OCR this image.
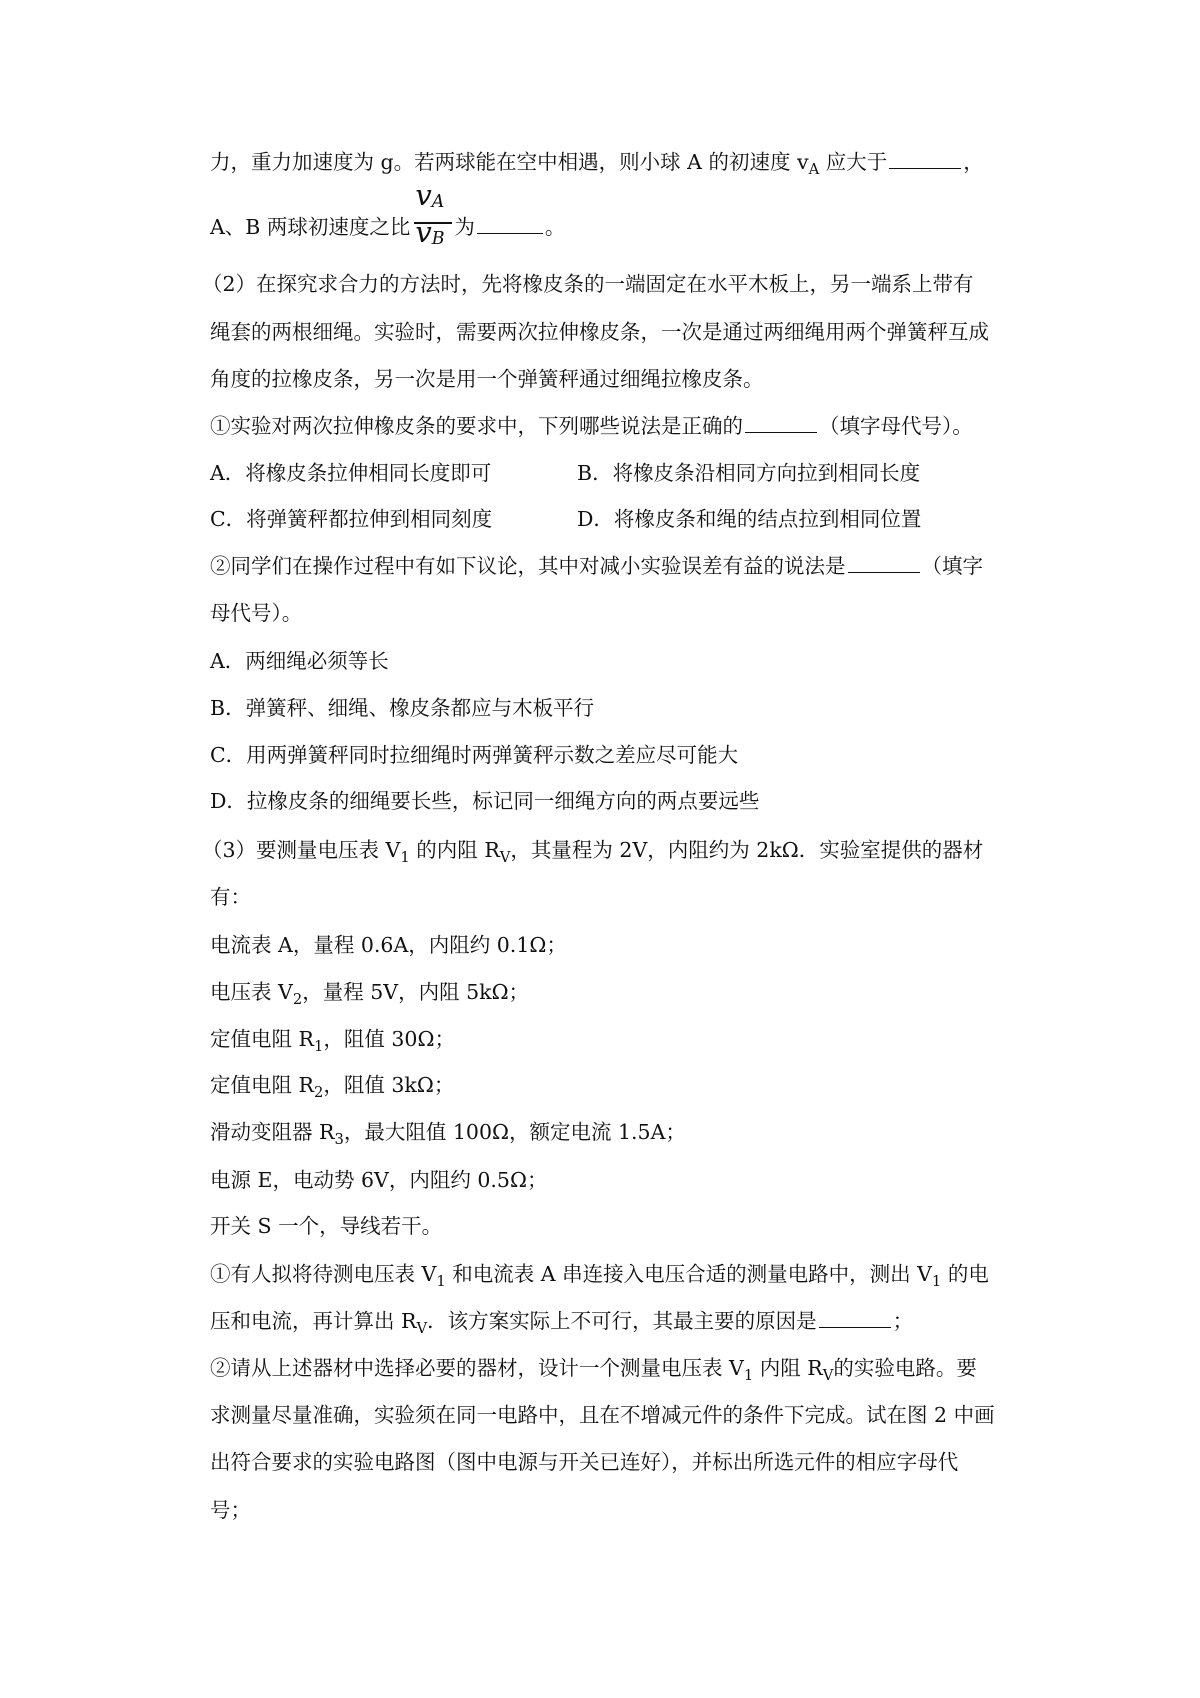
力，重力加速度为 g。若两球能在空中相遇，则小球 A 的初速度 $v_A$ 应大于	，
A、B 两球初速度之比 $\frac{v_A}{v_B}$ 为	。
（2）在探究求合力的方法时，先将橡皮条的一端固定在水平木板上，另一端系上带有
绳套的两根细绳。实验时，需要两次拉伸橡皮条，一次是通过两细绳用两个弹簧秤互成
角度的拉橡皮条，另一次是用一个弹簧秤通过细绳拉橡皮条。
①实验对两次拉伸橡皮条的要求中，下列哪些说法是正确的	（填字母代号）。
A．将橡皮条拉伸相同长度即可	B．将橡皮条沿相同方向拉到相同长度
C．将弹簧秤都拉伸到相同刻度	D．将橡皮条和绳的结点拉到相同位置
②同学们在操作过程中有如下议论，其中对减小实验误差有益的说法是	（填字
母代号）。
A．两细绳必须等长
B．弹簧秤、细绳、橡皮条都应与木板平行
C．用两弹簧秤同时拉细绳时两弹簧秤示数之差应尽可能大
D．拉橡皮条的细绳要长些，标记同一细绳方向的两点要远些
（3）要测量电压表 $V_1$ 的内阻 $R_V$，其量程为 2V，内阻约为 2kΩ．实验室提供的器材
有：
电流表 A，量程 0.6A，内阻约 0.1Ω；
电压表 $V_2$，量程 5V，内阻 5kΩ；
定值电阻 $R_1$，阻值 30Ω；
定值电阻 $R_2$，阻值 3kΩ；
滑动变阻器 $R_3$，最大阻值 100Ω，额定电流 1.5A；
电源 E，电动势 6V，内阻约 0.5Ω；
开关 S 一个，导线若干。
①有人拟将待测电压表 $V_1$ 和电流表 A 串连接入电压合适的测量电路中，测出 $V_1$ 的电
压和电流，再计算出 $R_V$．该方案实际上不可行，其最主要的原因是	；
②请从上述器材中选择必要的器材，设计一个测量电压表 $V_1$ 内阻 $R_V$的实验电路。要
求测量尽量准确，实验须在同一电路中，且在不增减元件的条件下完成。试在图 2 中画
出符合要求的实验电路图（图中电源与开关已连好），并标出所选元件的相应字母代
号；
